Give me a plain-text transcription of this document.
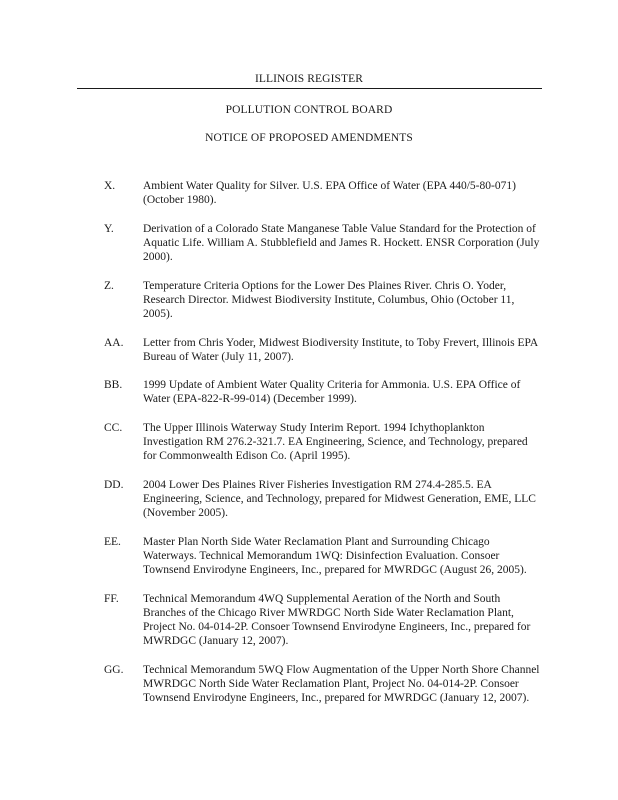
ILLINOIS REGISTER
POLLUTION CONTROL BOARD
NOTICE OF PROPOSED AMENDMENTS
X. Ambient Water Quality for Silver. U.S. EPA Office of Water (EPA 440/5-80-071) (October 1980).
Y.	Derivation of a Colorado State Manganese Table Value Standard for the Protection of Aquatic Life. William A. Stubblefield and James R. Hockett. ENSR Corporation (July 2000).
Z.	Temperature Criteria Options for the Lower Des Plaines River. Chris O. Yoder, Research Director. Midwest Biodiversity Institute, Columbus, Ohio (October 11, 2005).
AA. Letter from Chris Yoder, Midwest Biodiversity Institute, to Toby Frevert, Illinois EPA Bureau of Water (July 11, 2007).
BB. 1999 Update of Ambient Water Quality Criteria for Ammonia. U.S. EPA Office of Water (EPA-822-R-99-014) (December 1999).
CC. The Upper Illinois Waterway Study Interim Report. 1994 Ichythoplankton Investigation RM 276.2-321.7. EA Engineering, Science, and Technology, prepared for Commonwealth Edison Co. (April 1995).
DD. 2004 Lower Des Plaines River Fisheries Investigation RM 274.4-285.5. EA Engineering, Science, and Technology, prepared for Midwest Generation, EME, LLC (November 2005).
EE. Master Plan North Side Water Reclamation Plant and Surrounding Chicago Waterways. Technical Memorandum 1WQ: Disinfection Evaluation. Consoer Townsend Envirodyne Engineers, Inc., prepared for MWRDGC (August 26, 2005).
FF. Technical Memorandum 4WQ Supplemental Aeration of the North and South Branches of the Chicago River MWRDGC North Side Water Reclamation Plant, Project No. 04-014-2P. Consoer Townsend Envirodyne Engineers, Inc., prepared for MWRDGC (January 12, 2007).
GG. Technical Memorandum 5WQ Flow Augmentation of the Upper North Shore Channel MWRDGC North Side Water Reclamation Plant, Project No. 04-014-2P. Consoer Townsend Envirodyne Engineers, Inc., prepared for MWRDGC (January 12, 2007).
